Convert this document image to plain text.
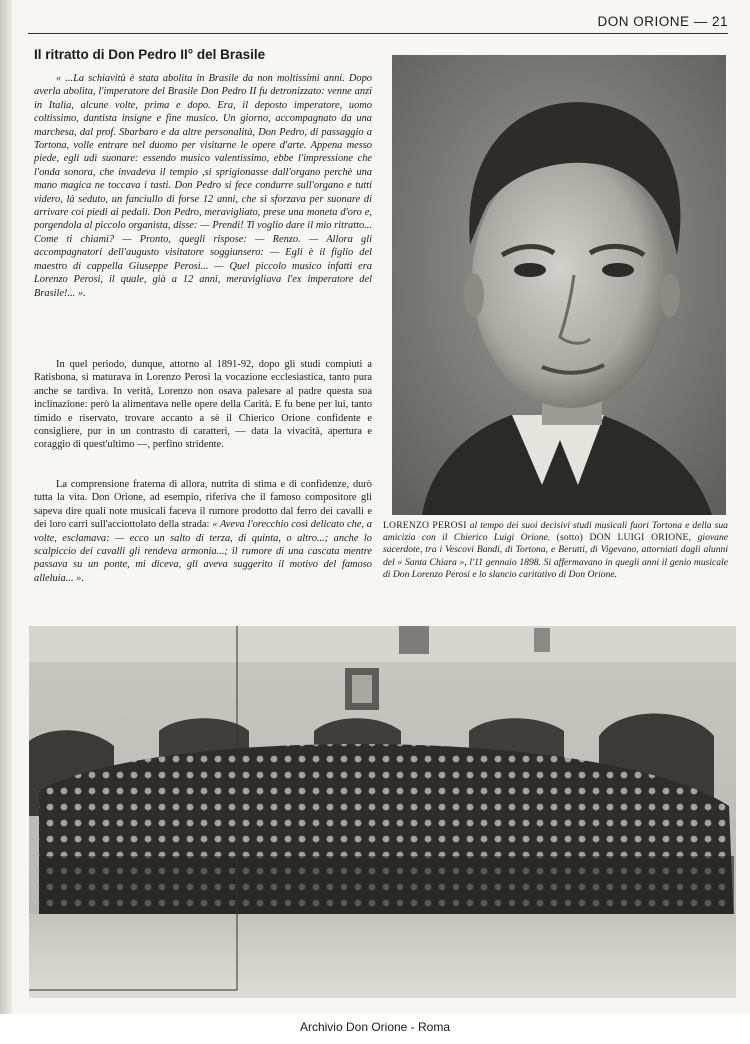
DON ORIONE — 21
Il ritratto di Don Pedro II° del Brasile

« ...La schiavitù è stata abolita in Brasile da non moltissimi anni. Dopo averla abolita, l'imperatore del Brasile Don Pedro II fu detronizzato: venne anzi in Italia, alcune volte, prima e dopo. Era, il deposto imperatore, uomo coltissimo, dantista insigne e fine musico. Un giorno, accompagnato da una marchesa, dal prof. Sbarbaro e da altre personalità, Don Pedro, di passaggio a Tortona, volle entrare nel duomo per visitarne le opere d'arte. Appena messo piede, egli udì suonare: essendo musico valentissimo, ebbe l'impressione che l'onda sonora, che invadeva il tempio ,si sprigionasse dall'organo perchè una mano magica ne toccava i tasti. Don Pedro si fece condurre sull'organo e tutti videro, là seduto, un fanciullo di forse 12 anni, che si sforzava per suonare di arrivare coi piedi ai pedali. Don Pedro, meravigliato, prese una moneta d'oro e, porgendola al piccolo organista, disse: — Prendi! Ti voglio dare il mio ritratto... Come ti chiami? — Pronto, quegli rispose: — Renzo. — Allora gli accompagnatori dell'augusto visitatore soggiunsero: — Egli è il figlio del maestro di cappella Giuseppe Perosi... — Quel piccolo musico infatti era Lorenzo Perosi, il quale, già a 12 anni, meravigliava l'ex imperatore del Brasile!... ».

In quel periodo, dunque, attorno al 1891-92, dopo gli studi compiuti a Ratisbona, si maturava in Lorenzo Perosi la vocazione ecclesiastica, tanto pura anche se tardiva. In verità, Lorenzo non osava palesare al padre questa sua inclinazione: però la alimentava nelle opere della Carità. E fu bene per lui, tanto timido e riservato, trovare accanto a sè il Chierico Orione confidente e consigliere, pur in un contrasto di caratteri, — data la vivacità, apertura e coraggio di quest'ultimo —, perfino stridente.

La comprensione fraterna di allora, nutrita di stima e di confidenze, durò tutta la vita. Don Orione, ad esempio, riferiva che il famoso compositore gli sapeva dire quali note musicali faceva il rumore prodotto dal ferro dei cavalli e dei loro carri sull'acciottolato della strada: « Aveva l'orecchio così delicato che, a volte, esclamava: — ecco un salto di terza, di quinta, o altro...; anche lo scalpiccio dei cavalli gli rendeva armonia...; il rumore di una cascata mentre passava su un ponte, mi diceva, gli aveva suggerito il motivo del famoso alleluia... ».

LORENZO PEROSI al tempo dei suoi decisivi studi musicali fuori Tortona e della sua amicizia con il Chierico Luigi Orione. (sotto) DON LUIGI ORIONE, giovane sacerdote, tra i Vescovi Bandi, di Tortona, e Berutti, di Vigevano, attorniati dagli alunni del « Santa Chiara », l'11 gennaio 1898. Si affermavano in quegli anni il genio musicale di Don Lorenzo Perosi e lo slancio caritativo di Don Orione.
Archivio Don Orione - Roma
